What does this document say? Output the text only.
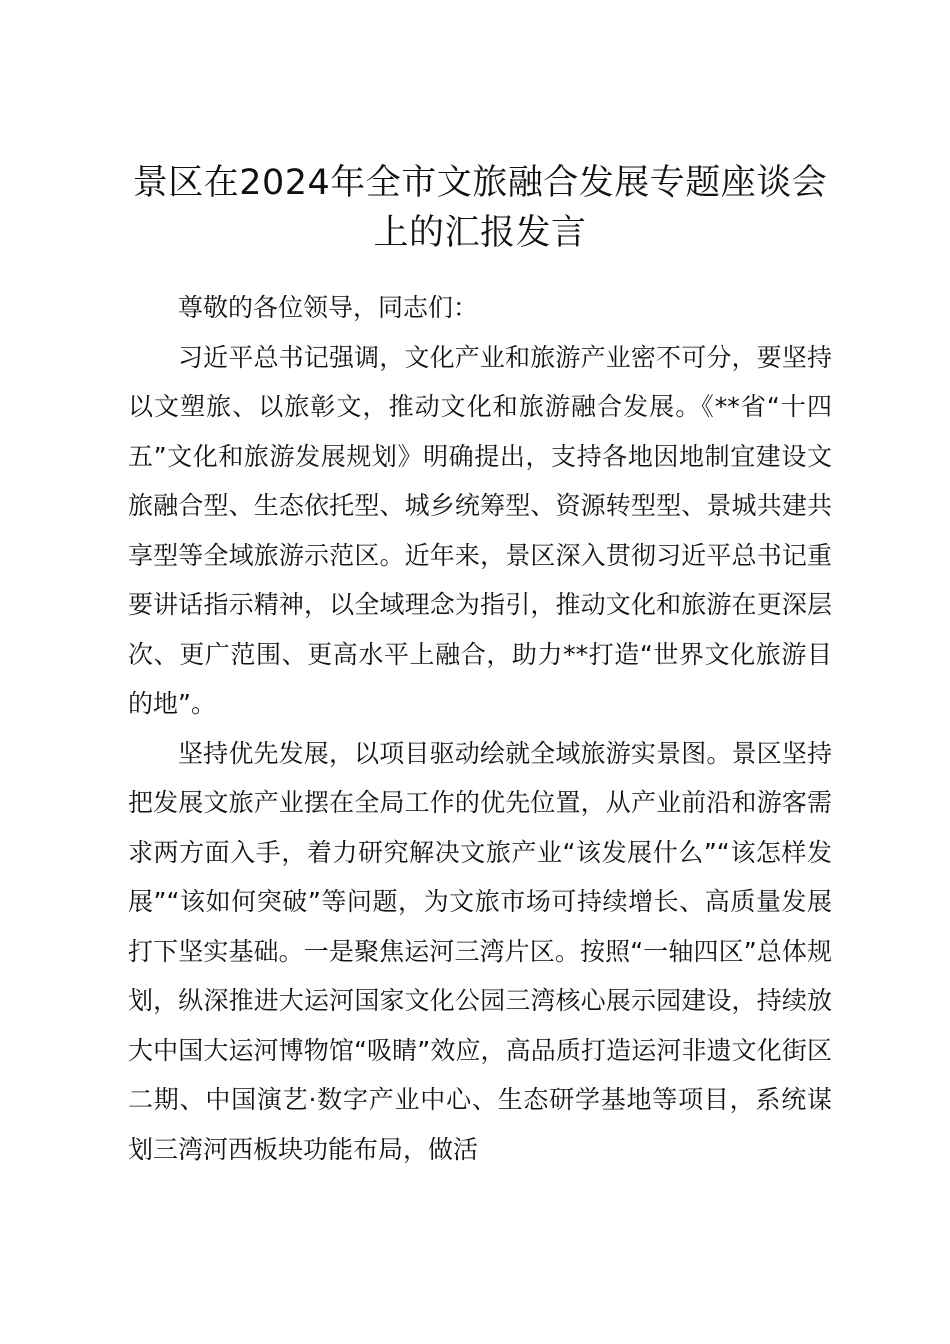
景区在2024年全市文旅融合发展专题座谈会上的汇报发言

尊敬的各位领导，同志们：

习近平总书记强调，文化产业和旅游产业密不可分，要坚持以文塑旅、以旅彰文，推动文化和旅游融合发展。《**省“十四五”文化和旅游发展规划》明确提出，支持各地因地制宜建设文旅融合型、生态依托型、城乡统筹型、资源转型型、景城共建共享型等全域旅游示范区。近年来，景区深入贯彻习近平总书记重要讲话指示精神，以全域理念为指引，推动文化和旅游在更深层次、更广范围、更高水平上融合，助力**打造“世界文化旅游目的地”。

坚持优先发展，以项目驱动绘就全域旅游实景图。景区坚持把发展文旅产业摆在全局工作的优先位置，从产业前沿和游客需求两方面入手，着力研究解决文旅产业“该发展什么”“该怎样发展”“该如何突破”等问题，为文旅市场可持续增长、高质量发展打下坚实基础。一是聚焦运河三湾片区。按照“一轴四区”总体规划，纵深推进大运河国家文化公园三湾核心展示园建设，持续放大中国大运河博物馆“吸睛”效应，高品质打造运河非遗文化街区二期、中国演艺·数字产业中心、生态研学基地等项目，系统谋划三湾河西板块功能布局，做活
